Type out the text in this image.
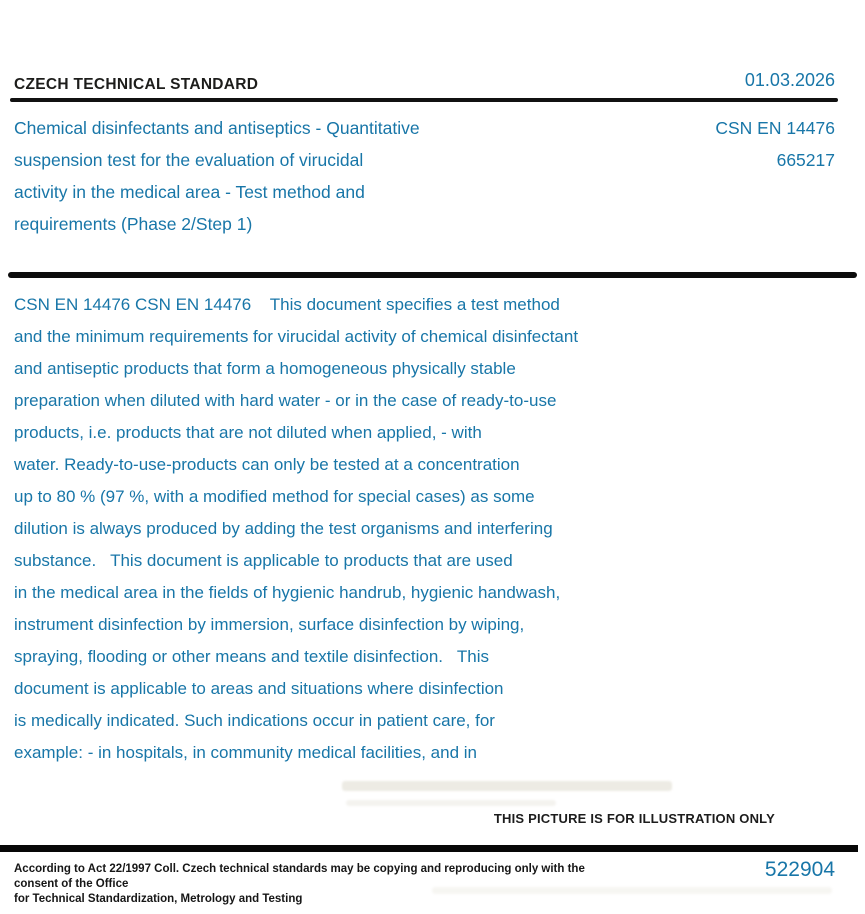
CZECH TECHNICAL STANDARD	01.03.2026
Chemical disinfectants and antiseptics - Quantitative
suspension test for the evaluation of virucidal
activity in the medical area - Test method and
requirements (Phase 2/Step 1)
CSN EN 14476
665217
CSN EN 14476 CSN EN 14476    This document specifies a test method
and the minimum requirements for virucidal activity of chemical disinfectant
and antiseptic products that form a homogeneous physically stable
preparation when diluted with hard water - or in the case of ready-to-use
products, i.e. products that are not diluted when applied, - with
water. Ready-to-use-products can only be tested at a concentration
up to 80 % (97 %, with a modified method for special cases) as some
dilution is always produced by adding the test organisms and interfering
substance.   This document is applicable to products that are used
in the medical area in the fields of hygienic handrub, hygienic handwash,
instrument disinfection by immersion, surface disinfection by wiping,
spraying, flooding or other means and textile disinfection.   This
document is applicable to areas and situations where disinfection
is medically indicated. Such indications occur in patient care, for
example: - in hospitals, in community medical facilities, and in
THIS PICTURE IS FOR ILLUSTRATION ONLY
According to Act 22/1997 Coll. Czech technical standards may be copying and reproducing only with the consent of the Office
for Technical Standardization, Metrology and Testing
522904
